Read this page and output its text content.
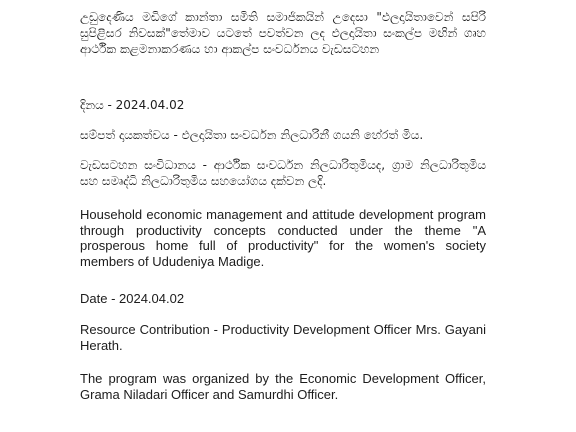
උඩුදෙණිය මඩිගේ කාන්තා සමිති සමාජිකයින් උදෙසා "ඵලදායිතාවෙන් සපිරි සුපිළිසර නිවසක්"තේමාව යටතේ පවත්වන ලද ඵලදායිතා සංකල්ප මඟින් ගෘහ ආර්ථික කළමනාකරණය හා ආකල්ප සංවර්ධනය වැඩසටහන

දිනය - 2024.04.02

සම්පත් දායකත්වය - ඵලදායිතා සංවර්ධන නිලධාරිනී ගයනි හේරත් මිය.

වැඩසටහන සංවිධානය - ආර්ථික සංවර්ධන නිලධාරිතුමියද, ග්‍රාම නිලධාරිතුමිය සහ සමෘද්ධි නිලධාරිතුමිය සහයෝගය දක්වන ලදි.

Household economic management and attitude development program through productivity concepts conducted under the theme "A prosperous home full of productivity" for the women's society members of Ududeniya Madige.

Date - 2024.04.02

Resource Contribution - Productivity Development Officer Mrs. Gayani Herath.

The program was organized by the Economic Development Officer, Grama Niladari Officer and Samurdhi Officer.
